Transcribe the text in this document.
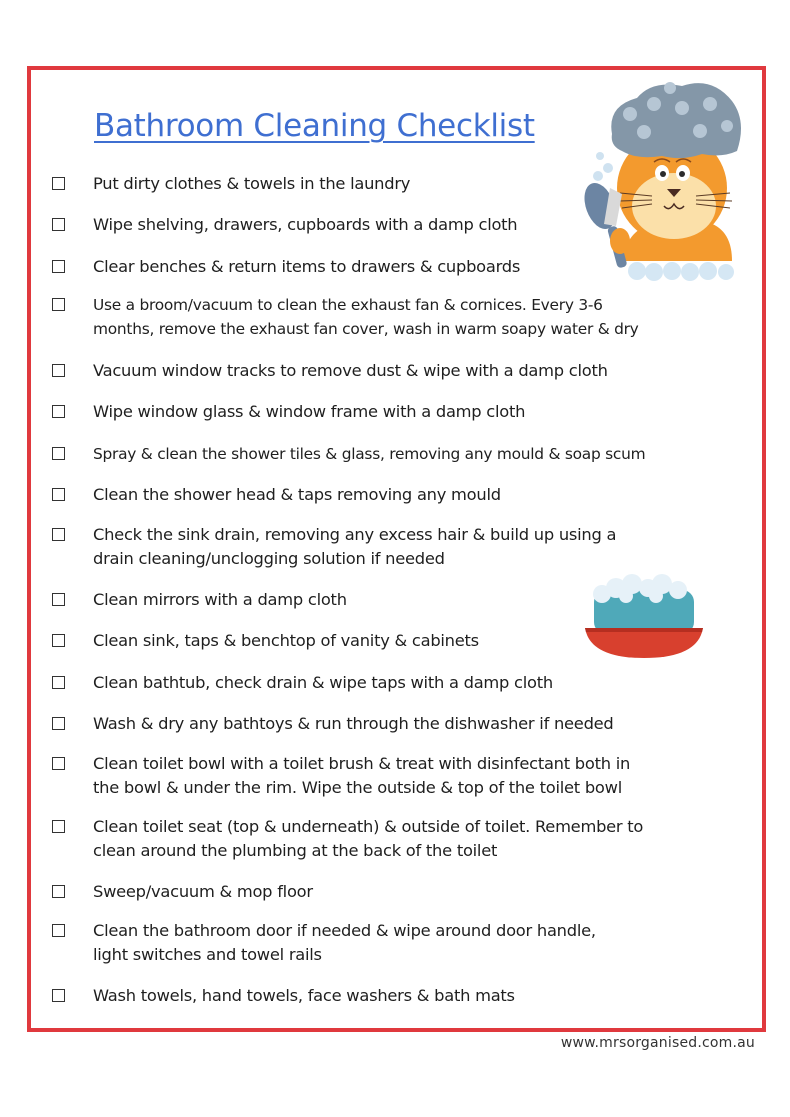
Bathroom Cleaning Checklist
Put dirty clothes & towels in the laundry
Wipe shelving, drawers, cupboards with a damp cloth
Clear benches & return items to drawers & cupboards
Use a broom/vacuum to clean the exhaust fan & cornices. Every 3-6
months, remove the exhaust fan cover, wash in warm soapy water & dry
Vacuum window tracks to remove dust & wipe with a damp cloth
Wipe window glass & window frame with a damp cloth
Spray & clean the shower tiles & glass, removing any mould & soap scum
Clean the shower head & taps removing any mould
Check the sink drain, removing any excess hair & build up using a
drain cleaning/unclogging solution if needed
Clean mirrors with a damp cloth
Clean sink, taps & benchtop of vanity & cabinets
Clean bathtub, check drain & wipe taps with a damp cloth
Wash & dry any bathtoys & run through the dishwasher if needed
Clean toilet bowl with a toilet brush & treat with disinfectant both in
the bowl & under the rim. Wipe the outside & top of the toilet bowl
Clean toilet seat (top & underneath) & outside of toilet. Remember to
clean around the plumbing at the back of the toilet
Sweep/vacuum & mop floor
Clean the bathroom door if needed & wipe around door handle,
light switches and towel rails
Wash towels, hand towels, face washers & bath mats
www.mrsorganised.com.au
